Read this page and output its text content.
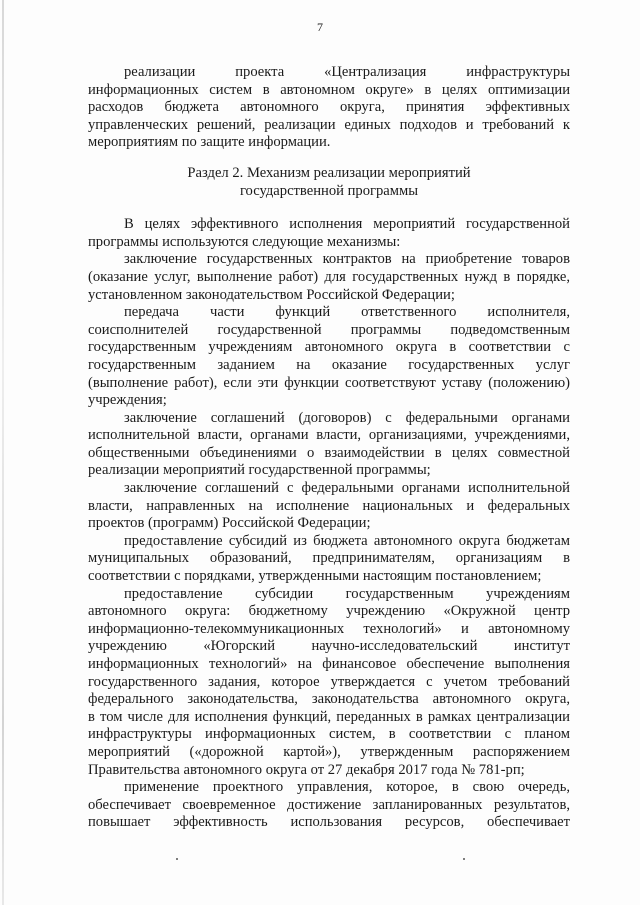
7

реализации проекта «Централизация инфраструктуры

информационных систем в автономном округе» в целях оптимизации

расходов бюджета автономного округа, принятия эффективных

управленческих решений, реализации единых подходов и требований к

мероприятиям по защите информации.

Раздел 2. Механизм реализации мероприятий

государственной программы

В целях эффективного исполнения мероприятий государственной

программы используются следующие механизмы:

заключение государственных контрактов на приобретение товаров

(оказание услуг, выполнение работ) для государственных нужд в порядке,

установленном законодательством Российской Федерации;

передача части функций ответственного исполнителя,

соисполнителей государственной программы подведомственным

государственным учреждениям автономного округа в соответствии с

государственным заданием на оказание государственных услуг

(выполнение работ), если эти функции соответствуют уставу (положению)

учреждения;

заключение соглашений (договоров) с федеральными органами

исполнительной власти, органами власти, организациями, учреждениями,

общественными объединениями о взаимодействии в целях совместной

реализации мероприятий государственной программы;

заключение соглашений с федеральными органами исполнительной

власти, направленных на исполнение национальных и федеральных

проектов (программ) Российской Федерации;

предоставление субсидий из бюджета автономного округа бюджетам

муниципальных образований, предпринимателям, организациям в

соответствии с порядками, утвержденными настоящим постановлением;

предоставление субсидии государственным учреждениям

автономного округа: бюджетному учреждению «Окружной центр

информационно-телекоммуникационных технологий» и автономному

учреждению «Югорский научно-исследовательский институт

информационных технологий» на финансовое обеспечение выполнения

государственного задания, которое утверждается с учетом требований

федерального законодательства, законодательства автономного округа,

в том числе для исполнения функций, переданных в рамках централизации

инфраструктуры информационных систем, в соответствии с планом

мероприятий («дорожной картой»), утвержденным распоряжением

Правительства автономного округа от 27 декабря 2017 года № 781-рп;

применение проектного управления, которое, в свою очередь,

обеспечивает своевременное достижение запланированных результатов,

повышает эффективность использования ресурсов, обеспечивает
